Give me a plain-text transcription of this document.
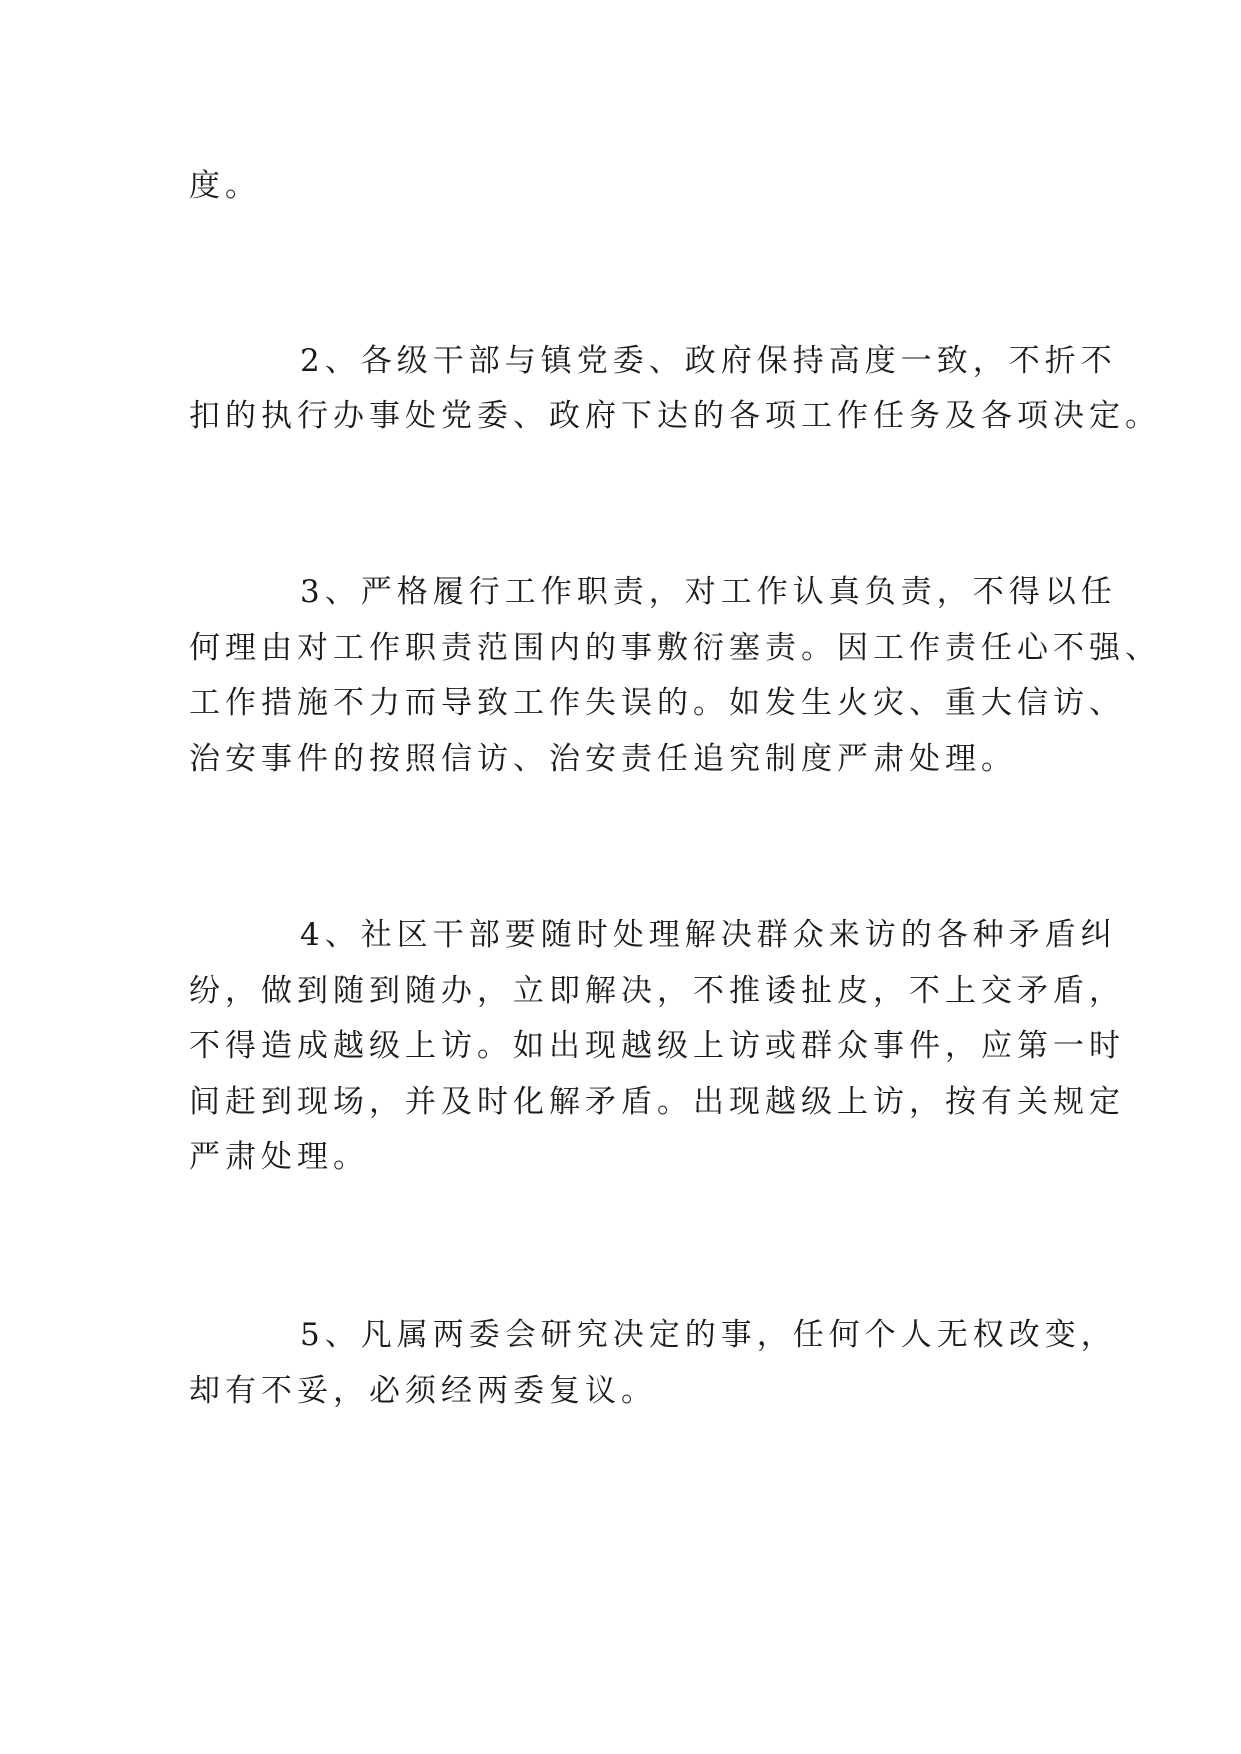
度。
2、各级干部与镇党委、政府保持高度一致，不折不
扣的执行办事处党委、政府下达的各项工作任务及各项决定。
3、严格履行工作职责，对工作认真负责，不得以任
何理由对工作职责范围内的事敷衍塞责。因工作责任心不强、
工作措施不力而导致工作失误的。如发生火灾、重大信访、
治安事件的按照信访、治安责任追究制度严肃处理。
4、社区干部要随时处理解决群众来访的各种矛盾纠
纷，做到随到随办，立即解决，不推诿扯皮，不上交矛盾，
不得造成越级上访。如出现越级上访或群众事件，应第一时
间赶到现场，并及时化解矛盾。出现越级上访，按有关规定
严肃处理。
5、凡属两委会研究决定的事，任何个人无权改变，
却有不妥，必须经两委复议。
